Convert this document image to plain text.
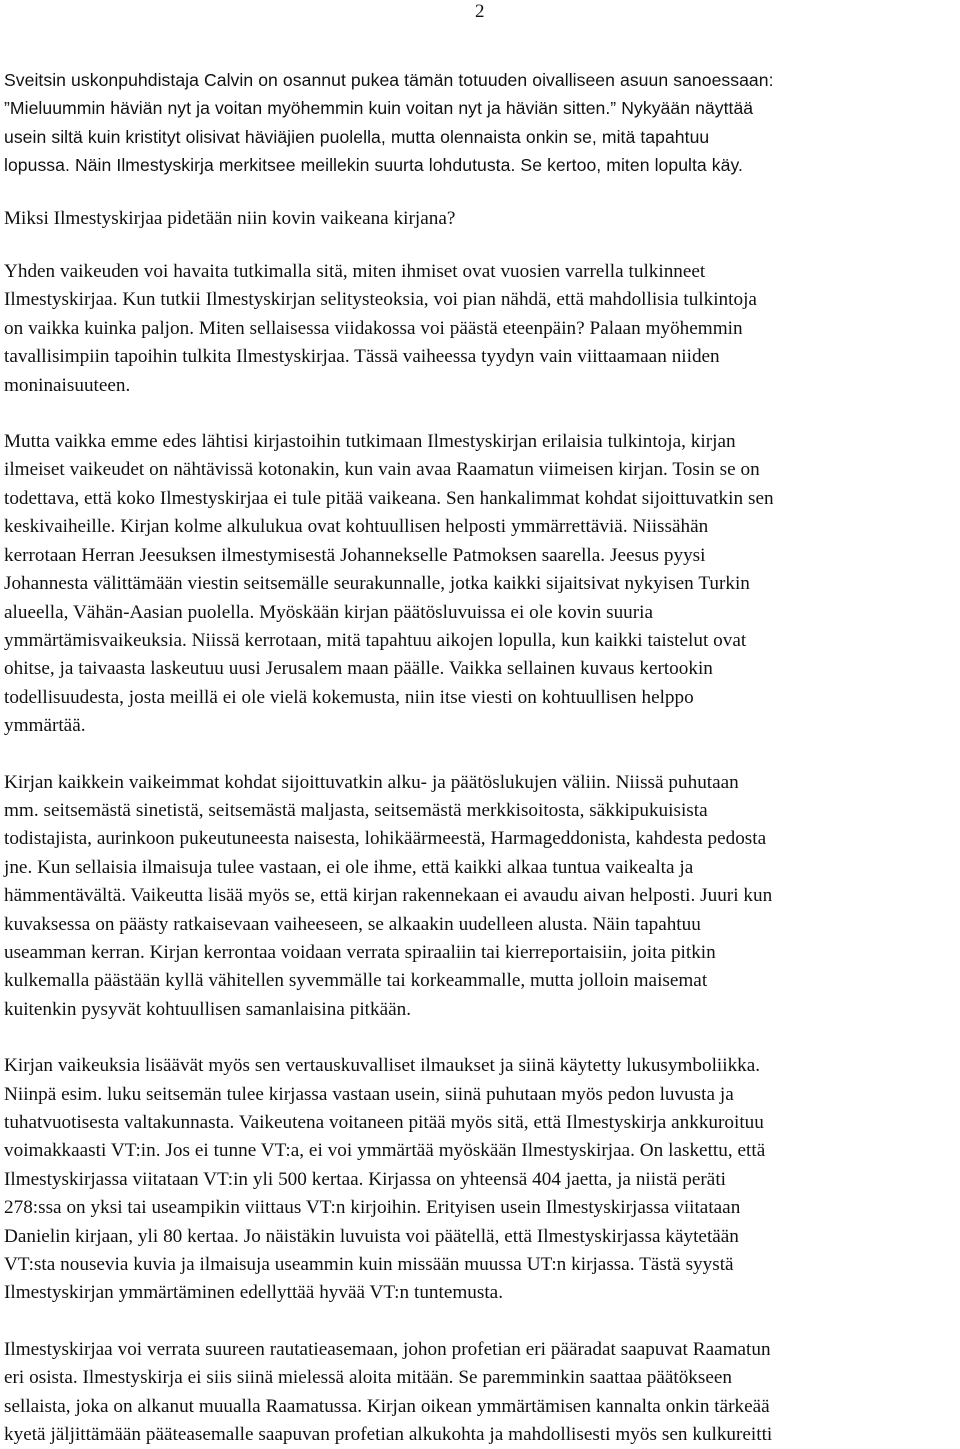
2

Sveitsin uskonpuhdistaja Calvin on osannut pukea tämän totuuden oivalliseen asuun sanoessaan:
”Mieluummin häviän nyt ja voitan myöhemmin kuin voitan nyt ja häviän sitten.” Nykyään näyttää
usein siltä kuin kristityt olisivat häviäjien puolella, mutta olennaista onkin se, mitä tapahtuu
lopussa. Näin Ilmestyskirja merkitsee meillekin suurta lohdutusta. Se kertoo, miten lopulta käy.

Miksi Ilmestyskirjaa pidetään niin kovin vaikeana kirjana?

Yhden vaikeuden voi havaita tutkimalla sitä, miten ihmiset ovat vuosien varrella tulkinneet
Ilmestyskirjaa. Kun tutkii Ilmestyskirjan selitysteoksia, voi pian nähdä, että mahdollisia tulkintoja
on vaikka kuinka paljon. Miten sellaisessa viidakossa voi päästä eteenpäin? Palaan myöhemmin
tavallisimpiin tapoihin tulkita Ilmestyskirjaa. Tässä vaiheessa tyydyn vain viittaamaan niiden
moninaisuuteen.

Mutta vaikka emme edes lähtisi kirjastoihin tutkimaan Ilmestyskirjan erilaisia tulkintoja, kirjan
ilmeiset vaikeudet on nähtävissä kotonakin, kun vain avaa Raamatun viimeisen kirjan. Tosin se on
todettava, että koko Ilmestyskirjaa ei tule pitää vaikeana. Sen hankalimmat kohdat sijoittuvatkin sen
keskivaiheille. Kirjan kolme alkulukua ovat kohtuullisen helposti ymmärrettäviä. Niissähän
kerrotaan Herran Jeesuksen ilmestymisestä Johannekselle Patmoksen saarella. Jeesus pyysi
Johannesta välittämään viestin seitsemälle seurakunnalle, jotka kaikki sijaitsivat nykyisen Turkin
alueella, Vähän-Aasian puolella. Myöskään kirjan päätösluvuissa ei ole kovin suuria
ymmärtämisvaikeuksia. Niissä kerrotaan, mitä tapahtuu aikojen lopulla, kun kaikki taistelut ovat
ohitse, ja taivaasta laskeutuu uusi Jerusalem maan päälle. Vaikka sellainen kuvaus kertookin
todellisuudesta, josta meillä ei ole vielä kokemusta, niin itse viesti on kohtuullisen helppo
ymmärtää.

Kirjan kaikkein vaikeimmat kohdat sijoittuvatkin alku- ja päätöslukujen väliin. Niissä puhutaan
mm. seitsemästä sinetistä, seitsemästä maljasta, seitsemästä merkkisoitosta, säkkipukuisista
todistajista, aurinkoon pukeutuneesta naisesta, lohikäärmeestä, Harmageddonista, kahdesta pedosta
jne. Kun sellaisia ilmaisuja tulee vastaan, ei ole ihme, että kaikki alkaa tuntua vaikealta ja
hämmentävältä. Vaikeutta lisää myös se, että kirjan rakennekaan ei avaudu aivan helposti. Juuri kun
kuvaksessa on päästy ratkaisevaan vaiheeseen, se alkaakin uudelleen alusta. Näin tapahtuu
useamman kerran. Kirjan kerrontaa voidaan verrata spiraaliin tai kierreportaisiin, joita pitkin
kulkemalla päästään kyllä vähitellen syvemmälle tai korkeammalle, mutta jolloin maisemat
kuitenkin pysyvät kohtuullisen samanlaisina pitkään.

Kirjan vaikeuksia lisäävät myös sen vertauskuvalliset ilmaukset ja siinä käytetty lukusymboliikka.
Niinpä esim. luku seitsemän tulee kirjassa vastaan usein, siinä puhutaan myös pedon luvusta ja
tuhatvuotisesta valtakunnasta. Vaikeutena voitaneen pitää myös sitä, että Ilmestyskirja ankkuroituu
voimakkaasti VT:in. Jos ei tunne VT:a, ei voi ymmärtää myöskään Ilmestyskirjaa. On laskettu, että
Ilmestyskirjassa viitataan VT:in yli 500 kertaa. Kirjassa on yhteensä 404 jaetta, ja niistä peräti
278:ssa on yksi tai useampikin viittaus VT:n kirjoihin. Erityisen usein Ilmestyskirjassa viitataan
Danielin kirjaan, yli 80 kertaa. Jo näistäkin luvuista voi päätellä, että Ilmestyskirjassa käytetään
VT:sta nousevia kuvia ja ilmaisuja useammin kuin missään muussa UT:n kirjassa. Tästä syystä
Ilmestyskirjan ymmärtäminen edellyttää hyvää VT:n tuntemusta.

Ilmestyskirjaa voi verrata suureen rautatieasemaan, johon profetian eri pääradat saapuvat Raamatun
eri osista. Ilmestyskirja ei siis siinä mielessä aloita mitään. Se paremminkin saattaa päätökseen
sellaista, joka on alkanut muualla Raamatussa. Kirjan oikean ymmärtämisen kannalta onkin tärkeää
kyetä jäljittämään pääteasemalle saapuvan profetian alkukohta ja mahdollisesti myös sen kulkureitti
